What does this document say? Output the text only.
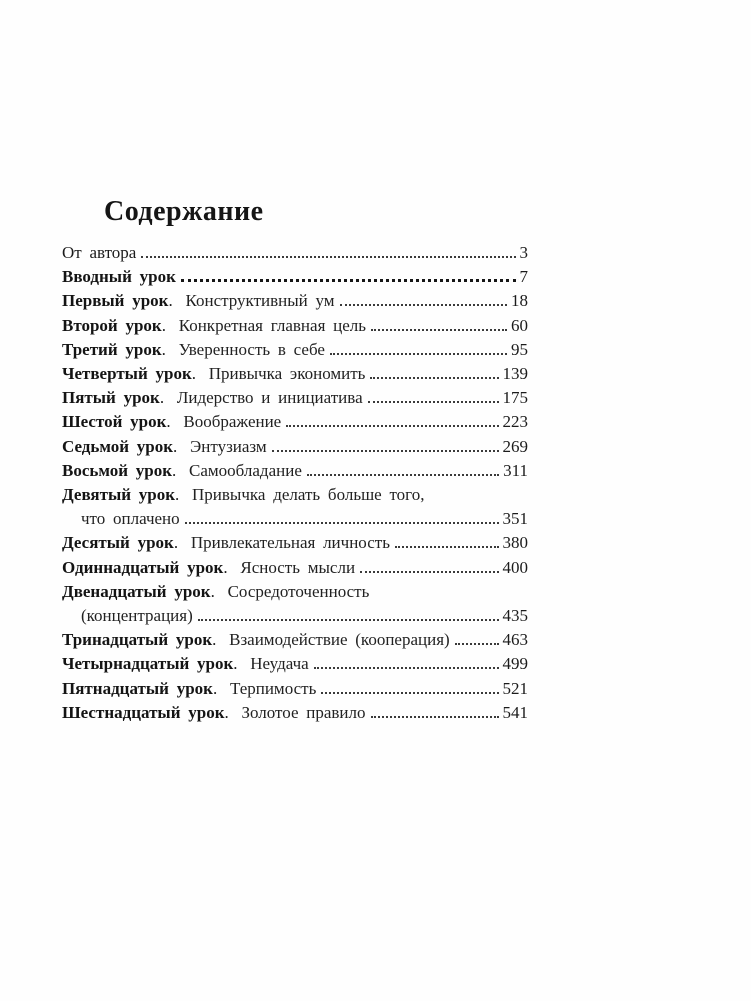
Содержание
От автора	3
Вводный урок	7
Первый урок . Конструктивный ум	18
Второй урок . Конкретная главная цель	60
Третий урок . Уверенность в себе	95
Четвертый урок . Привычка экономить	139
Пятый урок . Лидерство и инициатива	175
Шестой урок . Воображение	223
Седьмой урок . Энтузиазм	269
Восьмой урок . Самообладание	311
Девятый урок . Привычка делать больше того,
что оплачено	351
Десятый урок . Привлекательная личность	380
Одиннадцатый урок . Ясность мысли	400
Двенадцатый урок . Сосредоточенность
(концентрация)	435
Тринадцатый урок . Взаимодействие (кооперация)	463
Четырнадцатый урок . Неудача	499
Пятнадцатый урок . Терпимость	521
Шестнадцатый урок . Золотое правило	541
